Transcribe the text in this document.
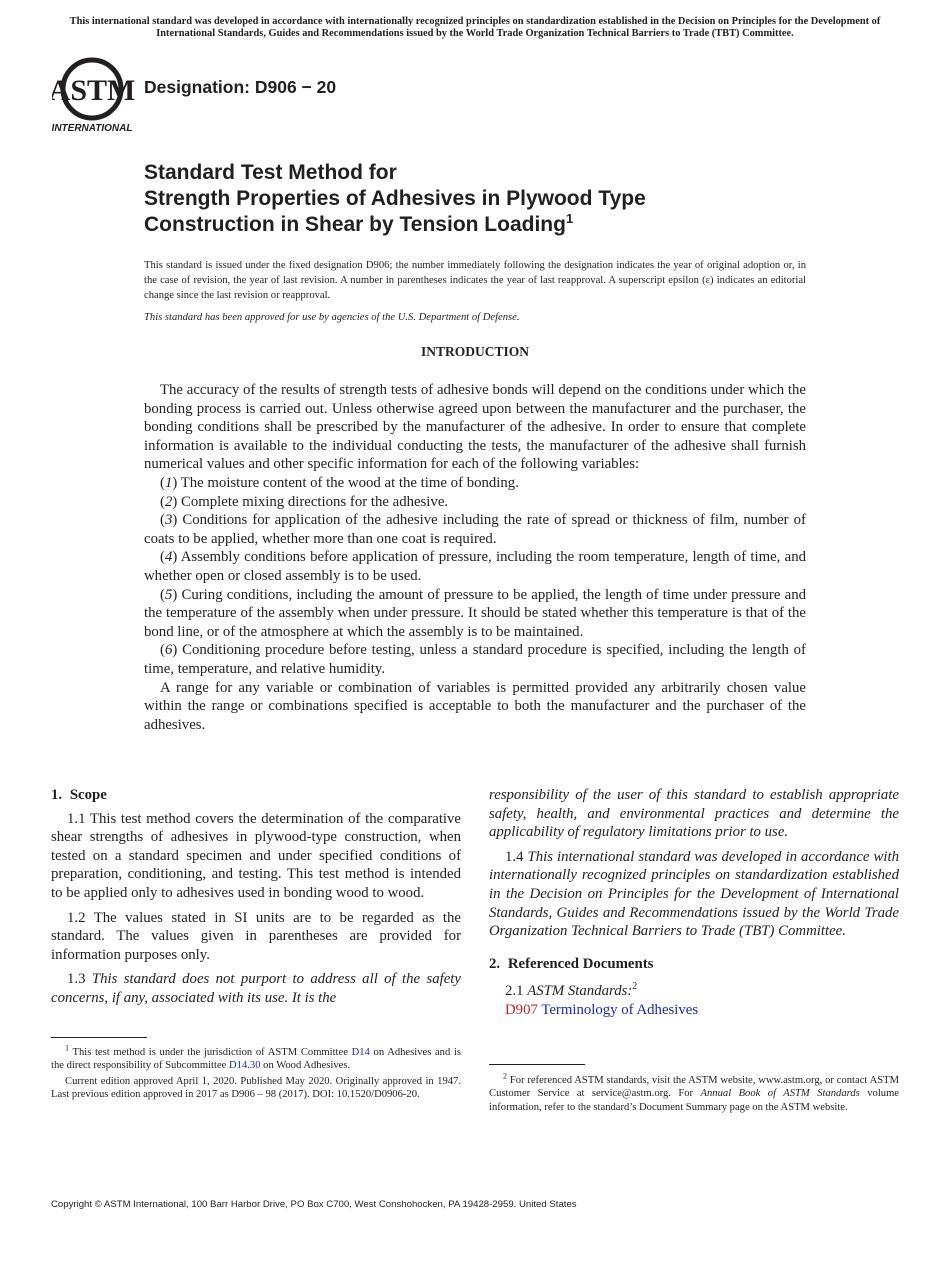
This international standard was developed in accordance with internationally recognized principles on standardization established in the Decision on Principles for the Development of International Standards, Guides and Recommendations issued by the World Trade Organization Technical Barriers to Trade (TBT) Committee.
ASTM
INTERNATIONAL
Designation: D906 − 20
Standard Test Method for
Strength Properties of Adhesives in Plywood Type
Construction in Shear by Tension Loading$^1$
This standard is issued under the fixed designation D906; the number immediately following the designation indicates the year of original adoption or, in the case of revision, the year of last revision. A number in parentheses indicates the year of last reapproval. A superscript epsilon (ε) indicates an editorial change since the last revision or reapproval.
This standard has been approved for use by agencies of the U.S. Department of Defense.
INTRODUCTION

The accuracy of the results of strength tests of adhesive bonds will depend on the conditions under which the bonding process is carried out. Unless otherwise agreed upon between the manufacturer and the purchaser, the bonding conditions shall be prescribed by the manufacturer of the adhesive. In order to ensure that complete information is available to the individual conducting the tests, the manufacturer of the adhesive shall furnish numerical values and other specific information for each of the following variables:

(1) The moisture content of the wood at the time of bonding.

(2) Complete mixing directions for the adhesive.

(3) Conditions for application of the adhesive including the rate of spread or thickness of film, number of coats to be applied, whether more than one coat is required.

(4) Assembly conditions before application of pressure, including the room temperature, length of time, and whether open or closed assembly is to be used.

(5) Curing conditions, including the amount of pressure to be applied, the length of time under pressure and the temperature of the assembly when under pressure. It should be stated whether this temperature is that of the bond line, or of the atmosphere at which the assembly is to be maintained.

(6) Conditioning procedure before testing, unless a standard procedure is specified, including the length of time, temperature, and relative humidity.

A range for any variable or combination of variables is permitted provided any arbitrarily chosen value within the range or combinations specified is acceptable to both the manufacturer and the purchaser of the adhesives.

1. Scope

1.1 This test method covers the determination of the comparative shear strengths of adhesives in plywood-type construction, when tested on a standard specimen and under specified conditions of preparation, conditioning, and testing. This test method is intended to be applied only to adhesives used in bonding wood to wood.

1.2 The values stated in SI units are to be regarded as the standard. The values given in parentheses are provided for information purposes only.

1.3 This standard does not purport to address all of the safety concerns, if any, associated with its use. It is the

$^1$ This test method is under the jurisdiction of ASTM Committee D14 on Adhesives and is the direct responsibility of Subcommittee D14.30 on Wood Adhesives.

Current edition approved April 1, 2020. Published May 2020. Originally approved in 1947. Last previous edition approved in 2017 as D906 – 98 (2017). DOI: 10.1520/D0906-20.

responsibility of the user of this standard to establish appropriate safety, health, and environmental practices and determine the applicability of regulatory limitations prior to use.

1.4 This international standard was developed in accordance with internationally recognized principles on standardization established in the Decision on Principles for the Development of International Standards, Guides and Recommendations issued by the World Trade Organization Technical Barriers to Trade (TBT) Committee.

2. Referenced Documents

2.1 ASTM Standards:$^2$

D907 Terminology of Adhesives

$^2$ For referenced ASTM standards, visit the ASTM website, www.astm.org, or contact ASTM Customer Service at service@astm.org. For Annual Book of ASTM Standards volume information, refer to the standard’s Document Summary page on the ASTM website.

Copyright © ASTM International, 100 Barr Harbor Drive, PO Box C700, West Conshohocken, PA 19428-2959. United States
